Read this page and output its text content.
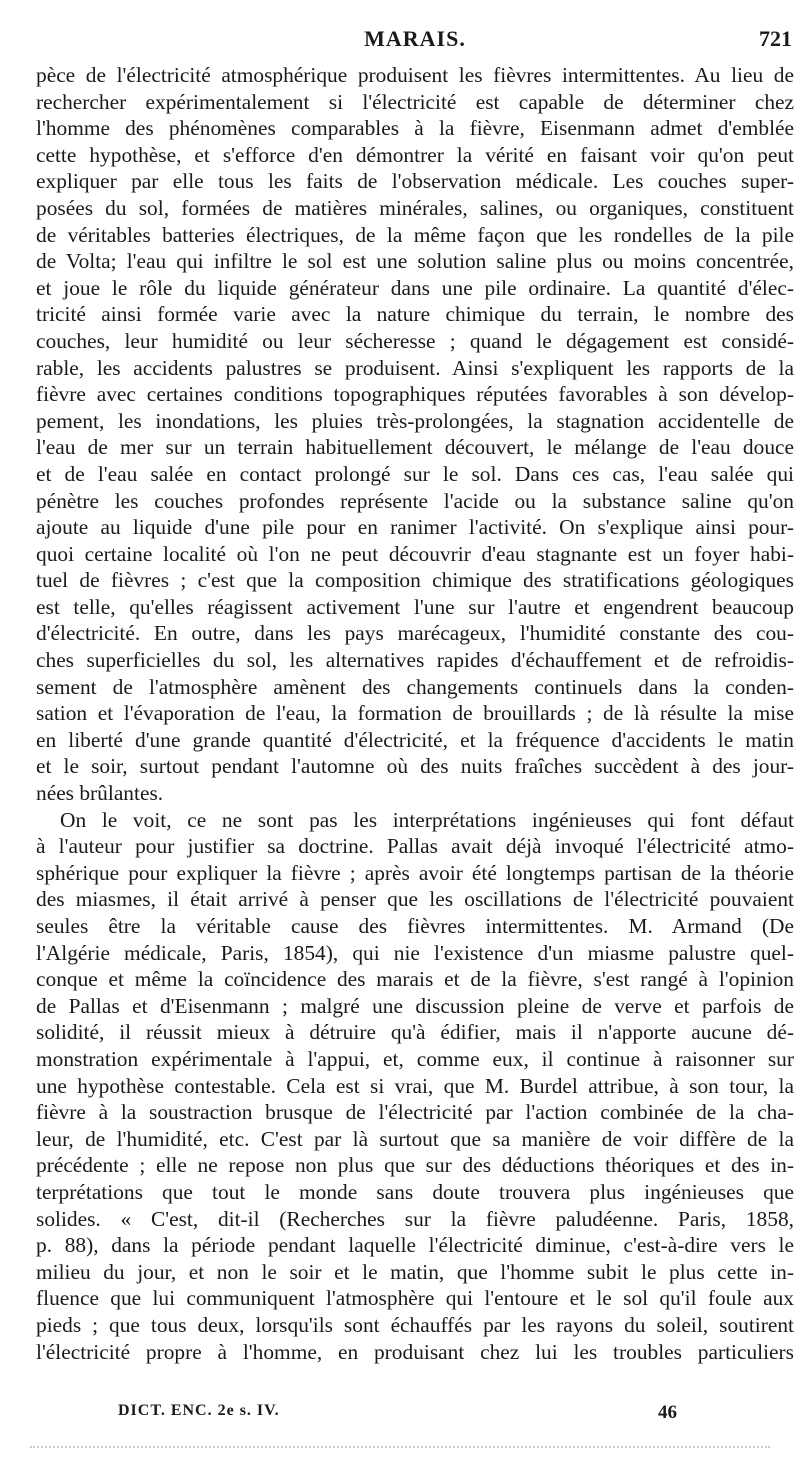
MARAIS.	721
pèce de l'électricité atmosphérique produisent les fièvres intermittentes. Au lieu de
rechercher expérimentalement si l'électricité est capable de déterminer chez
l'homme des phénomènes comparables à la fièvre, Eisenmann admet d'emblée
cette hypothèse, et s'efforce d'en démontrer la vérité en faisant voir qu'on peut
expliquer par elle tous les faits de l'observation médicale. Les couches super-
posées du sol, formées de matières minérales, salines, ou organiques, constituent
de véritables batteries électriques, de la même façon que les rondelles de la pile
de Volta; l'eau qui infiltre le sol est une solution saline plus ou moins concentrée,
et joue le rôle du liquide générateur dans une pile ordinaire. La quantité d'élec-
tricité ainsi formée varie avec la nature chimique du terrain, le nombre des
couches, leur humidité ou leur sécheresse ; quand le dégagement est considé-
rable, les accidents palustres se produisent. Ainsi s'expliquent les rapports de la
fièvre avec certaines conditions topographiques réputées favorables à son dévelop-
pement, les inondations, les pluies très-prolongées, la stagnation accidentelle de
l'eau de mer sur un terrain habituellement découvert, le mélange de l'eau douce
et de l'eau salée en contact prolongé sur le sol. Dans ces cas, l'eau salée qui
pénètre les couches profondes représente l'acide ou la substance saline qu'on
ajoute au liquide d'une pile pour en ranimer l'activité. On s'explique ainsi pour-
quoi certaine localité où l'on ne peut découvrir d'eau stagnante est un foyer habi-
tuel de fièvres ; c'est que la composition chimique des stratifications géologiques
est telle, qu'elles réagissent activement l'une sur l'autre et engendrent beaucoup
d'électricité. En outre, dans les pays marécageux, l'humidité constante des cou-
ches superficielles du sol, les alternatives rapides d'échauffement et de refroidis-
sement de l'atmosphère amènent des changements continuels dans la conden-
sation et l'évaporation de l'eau, la formation de brouillards ; de là résulte la mise
en liberté d'une grande quantité d'électricité, et la fréquence d'accidents le matin
et le soir, surtout pendant l'automne où des nuits fraîches succèdent à des jour-
nées brûlantes.
On le voit, ce ne sont pas les interprétations ingénieuses qui font défaut
à l'auteur pour justifier sa doctrine. Pallas avait déjà invoqué l'électricité atmo-
sphérique pour expliquer la fièvre ; après avoir été longtemps partisan de la théorie
des miasmes, il était arrivé à penser que les oscillations de l'électricité pouvaient
seules être la véritable cause des fièvres intermittentes. M. Armand (De
l'Algérie médicale, Paris, 1854), qui nie l'existence d'un miasme palustre quel-
conque et même la coïncidence des marais et de la fièvre, s'est rangé à l'opinion
de Pallas et d'Eisenmann ; malgré une discussion pleine de verve et parfois de
solidité, il réussit mieux à détruire qu'à édifier, mais il n'apporte aucune dé-
monstration expérimentale à l'appui, et, comme eux, il continue à raisonner sur
une hypothèse contestable. Cela est si vrai, que M. Burdel attribue, à son tour, la
fièvre à la soustraction brusque de l'électricité par l'action combinée de la cha-
leur, de l'humidité, etc. C'est par là surtout que sa manière de voir diffère de la
précédente ; elle ne repose non plus que sur des déductions théoriques et des in-
terprétations que tout le monde sans doute trouvera plus ingénieuses que
solides. « C'est, dit-il (Recherches sur la fièvre paludéenne. Paris, 1858,
p. 88), dans la période pendant laquelle l'électricité diminue, c'est-à-dire vers le
milieu du jour, et non le soir et le matin, que l'homme subit le plus cette in-
fluence que lui communiquent l'atmosphère qui l'entoure et le sol qu'il foule aux
pieds ; que tous deux, lorsqu'ils sont échauffés par les rayons du soleil, soutirent
l'électricité propre à l'homme, en produisant chez lui les troubles particuliers
DICT. ENC. 2e s. IV.	46
